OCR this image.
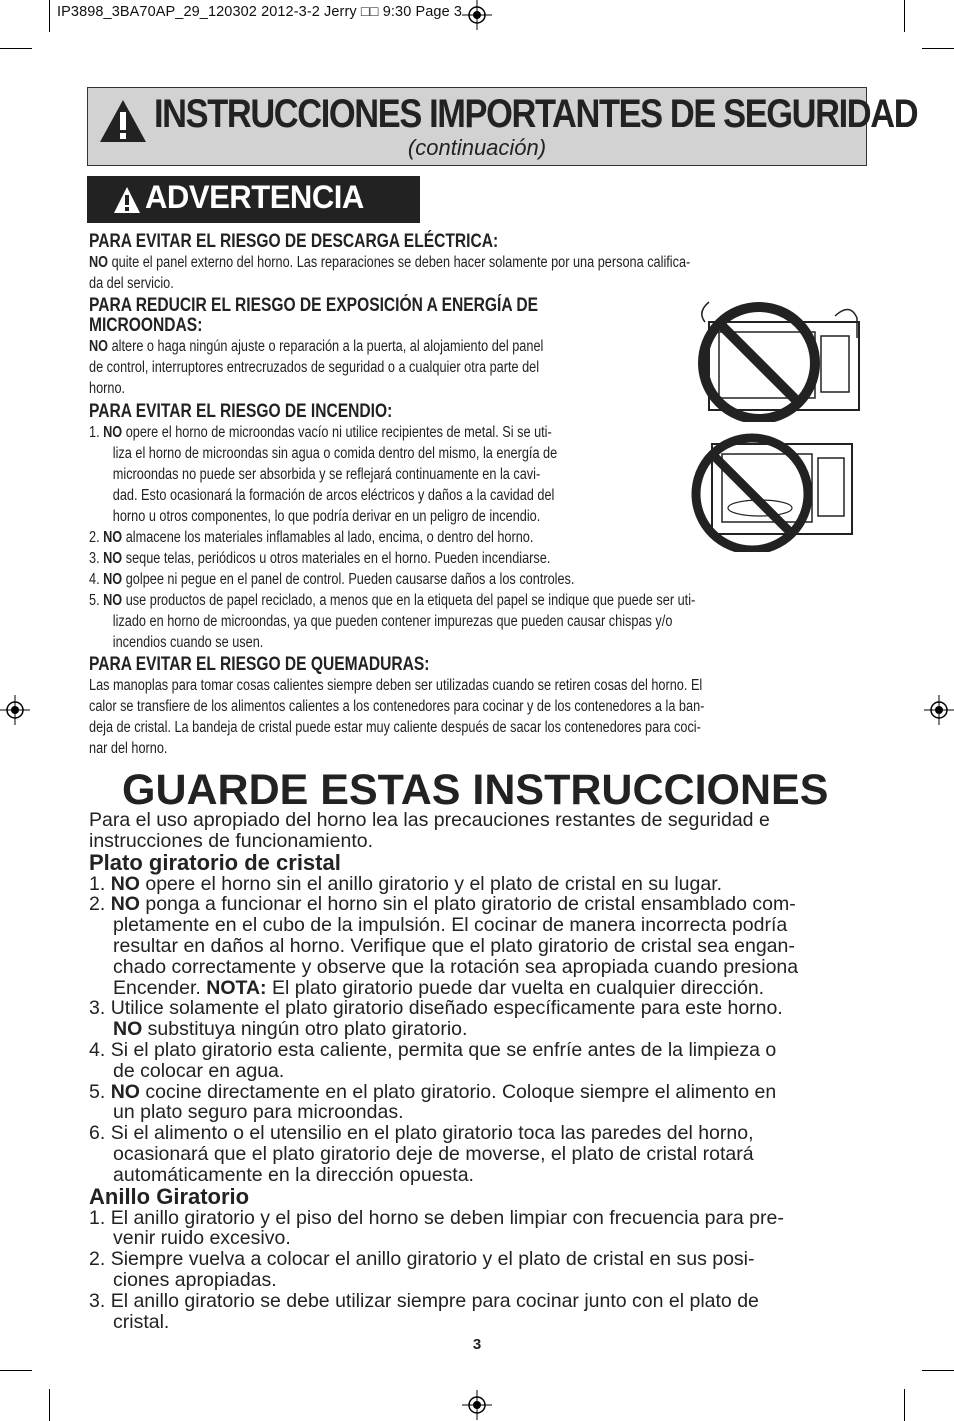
IP3898_3BA70AP_29_120302 2012-3-2 Jerry □□ 9:30 Page 3
INSTRUCCIONES IMPORTANTES DE SEGURIDAD
(continuación)
ADVERTENCIA
PARA EVITAR EL RIESGO DE DESCARGA ELÉCTRICA:
NO quite el panel externo del horno. Las reparaciones se deben hacer solamente por una persona califica-
da del servicio.
PARA REDUCIR EL RIESGO DE EXPOSICIÓN A ENERGÍA DE
MICROONDAS:
NO altere o haga ningún ajuste o reparación a la puerta, al alojamiento del panel
de control, interruptores entrecruzados de seguridad o a cualquier otra parte del
horno.
PARA EVITAR EL RIESGO DE INCENDIO:
1. NO opere el horno de microondas vacío ni utilice recipientes de metal. Si se uti-
liza el horno de microondas sin agua o comida dentro del mismo, la energía de
microondas no puede ser absorbida y se reflejará continuamente en la cavi-
dad. Esto ocasionará la formación de arcos eléctricos y daños a la cavidad del
horno u otros componentes, lo que podría derivar en un peligro de incendio.
2. NO almacene los materiales inflamables al lado, encima, o dentro del horno.
3. NO seque telas, periódicos u otros materiales en el horno. Pueden incendiarse.
4. NO golpee ni pegue en el panel de control. Pueden causarse daños a los controles.
5. NO use productos de papel reciclado, a menos que en la etiqueta del papel se indique que puede ser uti-
lizado en horno de microondas, ya que pueden contener impurezas que pueden causar chispas y/o
incendios cuando se usen.
PARA EVITAR EL RIESGO DE QUEMADURAS:
Las manoplas para tomar cosas calientes siempre deben ser utilizadas cuando se retiren cosas del horno. El
calor se transfiere de los alimentos calientes a los contenedores para cocinar y de los contenedores a la ban-
deja de cristal. La bandeja de cristal puede estar muy caliente después de sacar los contenedores para coci-
nar del horno.
GUARDE ESTAS INSTRUCCIONES
Para el uso apropiado del horno lea las precauciones restantes de seguridad e
instrucciones de funcionamiento.
Plato giratorio de cristal
1. NO opere el horno sin el anillo giratorio y el plato de cristal en su lugar.
2. NO ponga a funcionar el horno sin el plato giratorio de cristal ensamblado com-
pletamente en el cubo de la impulsión. El cocinar de manera incorrecta podría
resultar en daños al horno. Verifique que el plato giratorio de cristal sea engan-
chado correctamente y observe que la rotación sea apropiada cuando presiona
Encender. NOTA: El plato giratorio puede dar vuelta en cualquier dirección.
3. Utilice solamente el plato giratorio diseñado específicamente para este horno.
NO substituya ningún otro plato giratorio.
4. Si el plato giratorio esta caliente, permita que se enfríe antes de la limpieza o
de colocar en agua.
5. NO cocine directamente en el plato giratorio. Coloque siempre el alimento en
un plato seguro para microondas.
6. Si el alimento o el utensilio en el plato giratorio toca las paredes del horno,
ocasionará que el plato giratorio deje de moverse, el plato de cristal rotará
automáticamente en la dirección opuesta.
Anillo Giratorio
1. El anillo giratorio y el piso del horno se deben limpiar con frecuencia para pre-
venir ruido excesivo.
2. Siempre vuelva a colocar el anillo giratorio y el plato de cristal en sus posi-
ciones apropiadas.
3. El anillo giratorio se debe utilizar siempre para cocinar junto con el plato de
cristal.
3
